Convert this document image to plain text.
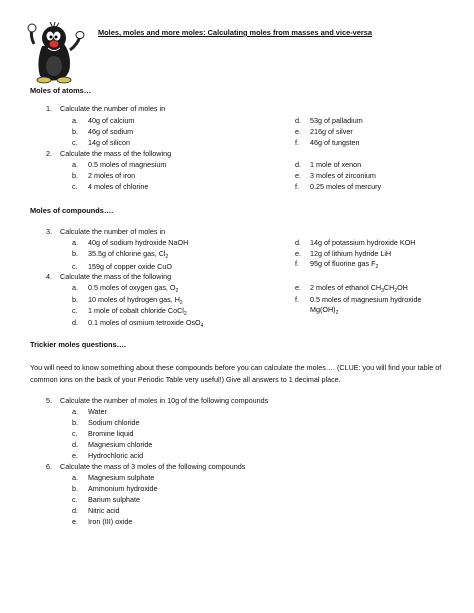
Moles, moles and more moles: Calculating moles from masses and vice-versa
Moles of atoms…
1. Calculate the number of moles in
a. 40g of calcium
b. 46g of sodium
c. 14g of silicon
d. 53g of palladium
e. 216g of silver
f. 46g of tungsten
2. Calculate the mass of the following
a. 0.5 moles of magnesium
b. 2 moles of iron
c. 4 moles of chlorine
d. 1 mole of xenon
e. 3 moles of zirconium
f. 0.25 moles of mercury
Moles of compounds….
3. Calculate the number of moles in
a. 40g of sodium hydroxide NaOH
b. 35.5g of chlorine gas, $Cl_2$
c. 159g of copper oxide CuO
d. 14g of potassium hydroxide KOH
e. 12g of lithium hydride LiH
f. 95g of fluorine gas $F_2$
4. Calculate the mass of the following
a. 0.5 moles of oxygen gas, $O_2$
b. 10 moles of hydrogen gas, $H_2$
c. 1 mole of cobalt chloride CoCl$_2$
d. 0.1 moles of osmium tetroxide OsO$_4$
e. 2 moles of ethanol $CH_3CH_2OH$
f. 0.5 moles of magnesium hydroxide
$Mg(OH)_2$
Trickier moles questions….
You will need to know something about these compounds before you can calculate the moles…. (CLUE: you will find your table of common ions on the back of your Periodic Table very useful!) Give all answers to 1 decimal place.
5. Calculate the number of moles in 10g of the following compounds
a. Water
b. Sodium chloride
c. Bromine liquid
d. Magnesium chloride
e. Hydrochloric acid
6. Calculate the mass of 3 moles of the following compounds
a. Magnesium sulphate
b. Ammonium hydroxide
c. Barium sulphate
d. Nitric acid
e. Iron (III) oxide
